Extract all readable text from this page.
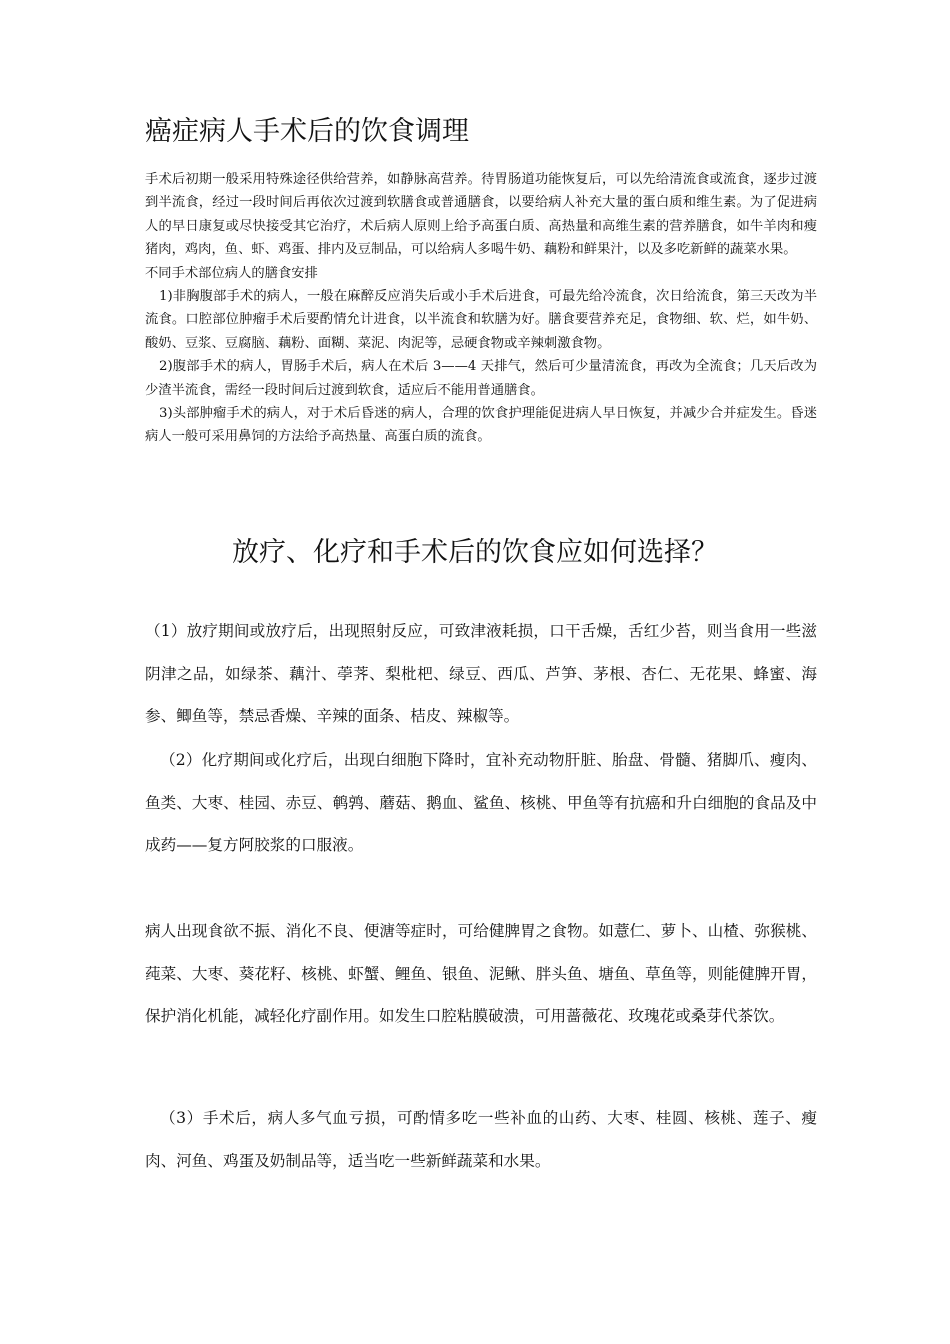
癌症病人手术后的饮食调理

手术后初期一般采用特殊途径供给营养，如静脉高营养。待胃肠道功能恢复后，可以先给清流食或流食，逐步过渡到半流食，经过一段时间后再依次过渡到软膳食或普通膳食，以要给病人补充大量的蛋白质和维生素。为了促进病人的早日康复或尽快接受其它治疗，术后病人原则上给予高蛋白质、高热量和高维生素的营养膳食，如牛羊肉和瘦猪肉，鸡肉，鱼、虾、鸡蛋、排内及豆制品，可以给病人多喝牛奶、藕粉和鲜果汁，以及多吃新鲜的蔬菜水果。

不同手术部位病人的膳食安排

1)非胸腹部手术的病人，一般在麻醉反应消失后或小手术后进食，可最先给冷流食，次日给流食，第三天改为半流食。口腔部位肿瘤手术后要酌情允计进食，以半流食和软膳为好。膳食要营养充足，食物细、软、烂，如牛奶、酸奶、豆浆、豆腐脑、藕粉、面糊、菜泥、肉泥等，忌硬食物或辛辣刺激食物。

2)腹部手术的病人，胃肠手术后，病人在术后 3——4 天排气，然后可少量清流食，再改为全流食；几天后改为少渣半流食，需经一段时间后过渡到软食，适应后不能用普通膳食。

3)头部肿瘤手术的病人，对于术后昏迷的病人，合理的饮食护理能促进病人早日恢复，并减少合并症发生。昏迷病人一般可采用鼻饲的方法给予高热量、高蛋白质的流食。

放疗、化疗和手术后的饮食应如何选择？

（1）放疗期间或放疗后，出现照射反应，可致津液耗损，口干舌燥，舌红少苔，则当食用一些滋阴津之品，如绿茶、藕汁、荸荠、梨枇杷、绿豆、西瓜、芦笋、茅根、杏仁、无花果、蜂蜜、海参、鲫鱼等，禁忌香燥、辛辣的面条、桔皮、辣椒等。

（2）化疗期间或化疗后，出现白细胞下降时，宜补充动物肝脏、胎盘、骨髓、猪脚爪、瘦肉、鱼类、大枣、桂园、赤豆、鹌鹑、蘑菇、鹅血、鲨鱼、核桃、甲鱼等有抗癌和升白细胞的食品及中成药——复方阿胶浆的口服液。

病人出现食欲不振、消化不良、便溏等症时，可给健脾胃之食物。如薏仁、萝卜、山楂、弥猴桃、莼菜、大枣、葵花籽、核桃、虾蟹、鲤鱼、银鱼、泥鳅、胖头鱼、塘鱼、草鱼等，则能健脾开胃，保护消化机能，减轻化疗副作用。如发生口腔粘膜破溃，可用蔷薇花、玫瑰花或桑芽代茶饮。

（3）手术后，病人多气血亏损，可酌情多吃一些补血的山药、大枣、桂圆、核桃、莲子、瘦肉、河鱼、鸡蛋及奶制品等，适当吃一些新鲜蔬菜和水果。
